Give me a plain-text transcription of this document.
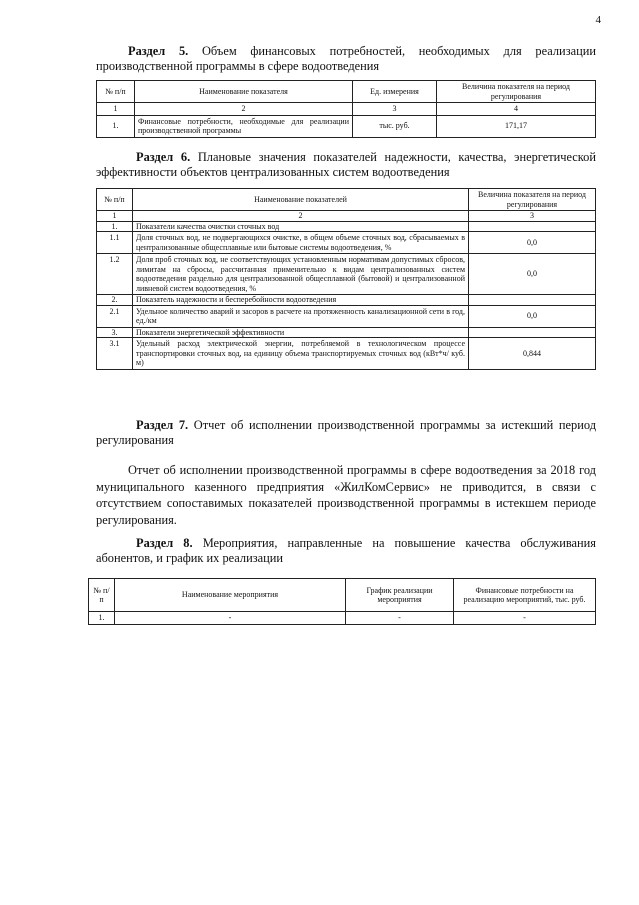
4
Раздел 5. Объем финансовых потребностей, необходимых для реализации производственной программы в сфере водоотведения
№ п/п	Наименование показателя	Ед. измерения	Величина показателя на период регулирования
1	2	3	4
1.	Финансовые потребности, необходимые для реализации производственной программы	тыс. руб.	171,17
Раздел 6. Плановые значения показателей надежности, качества, энергетической эффективности объектов централизованных систем водоотведения
№ п/п	Наименование показателей	Величина показателя на период регулирования
1	2	3
1.	Показатели качества очистки сточных вод	
1.1	Доля сточных вод, не подвергающихся очистке, в общем объеме сточных вод, сбрасываемых в централизованные общесплавные или бытовые системы водоотведения, %	0,0
1.2	Доля проб сточных вод, не соответствующих установленным нормативам допустимых сбросов, лимитам на сбросы, рассчитанная применительно к видам централизованных систем водоотведения раздельно для централизованной общесплавной (бытовой) и централизованной ливневой систем водоотведения, %	0,0
2.	Показатель надежности и бесперебойности водоотведения	
2.1	Удельное количество аварий и засоров в расчете на протяженность канализационной сети в год, ед./км	0,0
3.	Показатели энергетической эффективности	
3.1	Удельный расход электрической энергии, потребляемой в технологическом процессе транспортировки сточных вод, на единицу объема транспортируемых сточных вод (кВт*ч/ куб. м)	0,844
Раздел 7. Отчет об исполнении производственной программы за истекший период регулирования
Отчет об исполнении производственной программы в сфере водоотведения за 2018 год муниципального казенного предприятия «ЖилКомСервис» не приводится, в связи с отсутствием сопоставимых показателей производственной программы в истекшем периоде регулирования.
Раздел 8. Мероприятия, направленные на повышение качества обслуживания абонентов, и график их реализации
№ п/п	Наименование мероприятия	График реализации мероприятия	Финансовые потребности на реализацию мероприятий, тыс. руб.
1.	-	-	-
